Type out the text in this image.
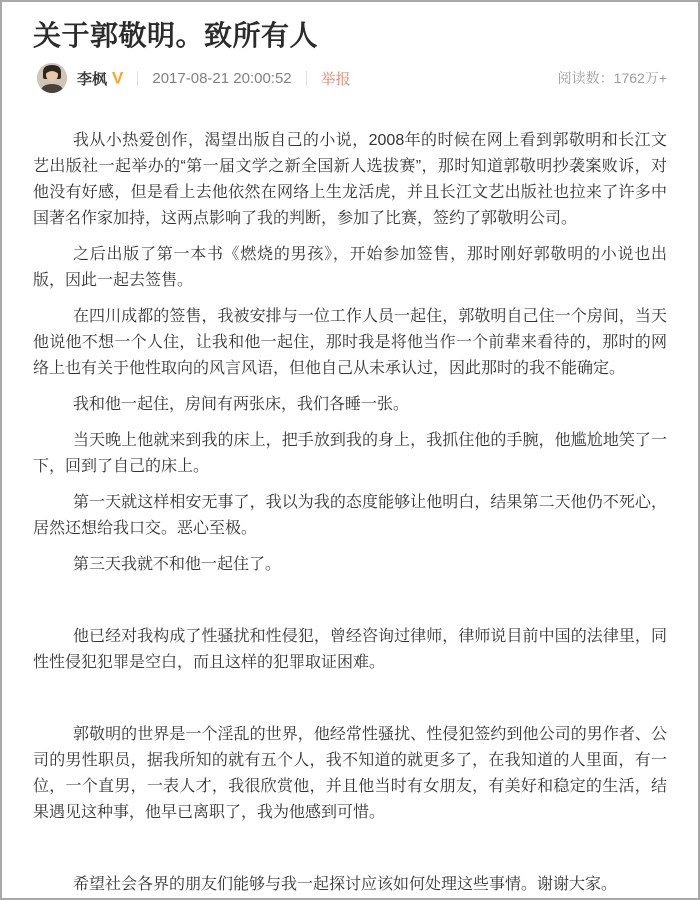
关于郭敬明。致所有人
李枫 V 2017-08-21 20:00:52 举报	阅读数：1762万+

我从小热爱创作，渴望出版自己的小说，2008年的时候在网上看到郭敬明和长江文艺出版社一起举办的“第一届文学之新全国新人选拔赛”，那时知道郭敬明抄袭案败诉，对他没有好感，但是看上去他依然在网络上生龙活虎，并且长江文艺出版社也拉来了许多中国著名作家加持，这两点影响了我的判断，参加了比赛，签约了郭敬明公司。

之后出版了第一本书《燃烧的男孩》，开始参加签售，那时刚好郭敬明的小说也出版，因此一起去签售。

在四川成都的签售，我被安排与一位工作人员一起住，郭敬明自己住一个房间，当天他说他不想一个人住，让我和他一起住，那时我是将他当作一个前辈来看待的，那时的网络上也有关于他性取向的风言风语，但他自己从未承认过，因此那时的我不能确定。

我和他一起住，房间有两张床，我们各睡一张。

当天晚上他就来到我的床上，把手放到我的身上，我抓住他的手腕，他尴尬地笑了一下，回到了自己的床上。

第一天就这样相安无事了，我以为我的态度能够让他明白，结果第二天他仍不死心，居然还想给我口交。恶心至极。

第三天我就不和他一起住了。

他已经对我构成了性骚扰和性侵犯，曾经咨询过律师，律师说目前中国的法律里，同性性侵犯犯罪是空白，而且这样的犯罪取证困难。

郭敬明的世界是一个淫乱的世界，他经常性骚扰、性侵犯签约到他公司的男作者、公司的男性职员，据我所知的就有五个人，我不知道的就更多了，在我知道的人里面，有一位，一个直男，一表人才，我很欣赏他，并且他当时有女朋友，有美好和稳定的生活，结果遇见这种事，他早已离职了，我为他感到可惜。

希望社会各界的朋友们能够与我一起探讨应该如何处理这些事情。谢谢大家。
